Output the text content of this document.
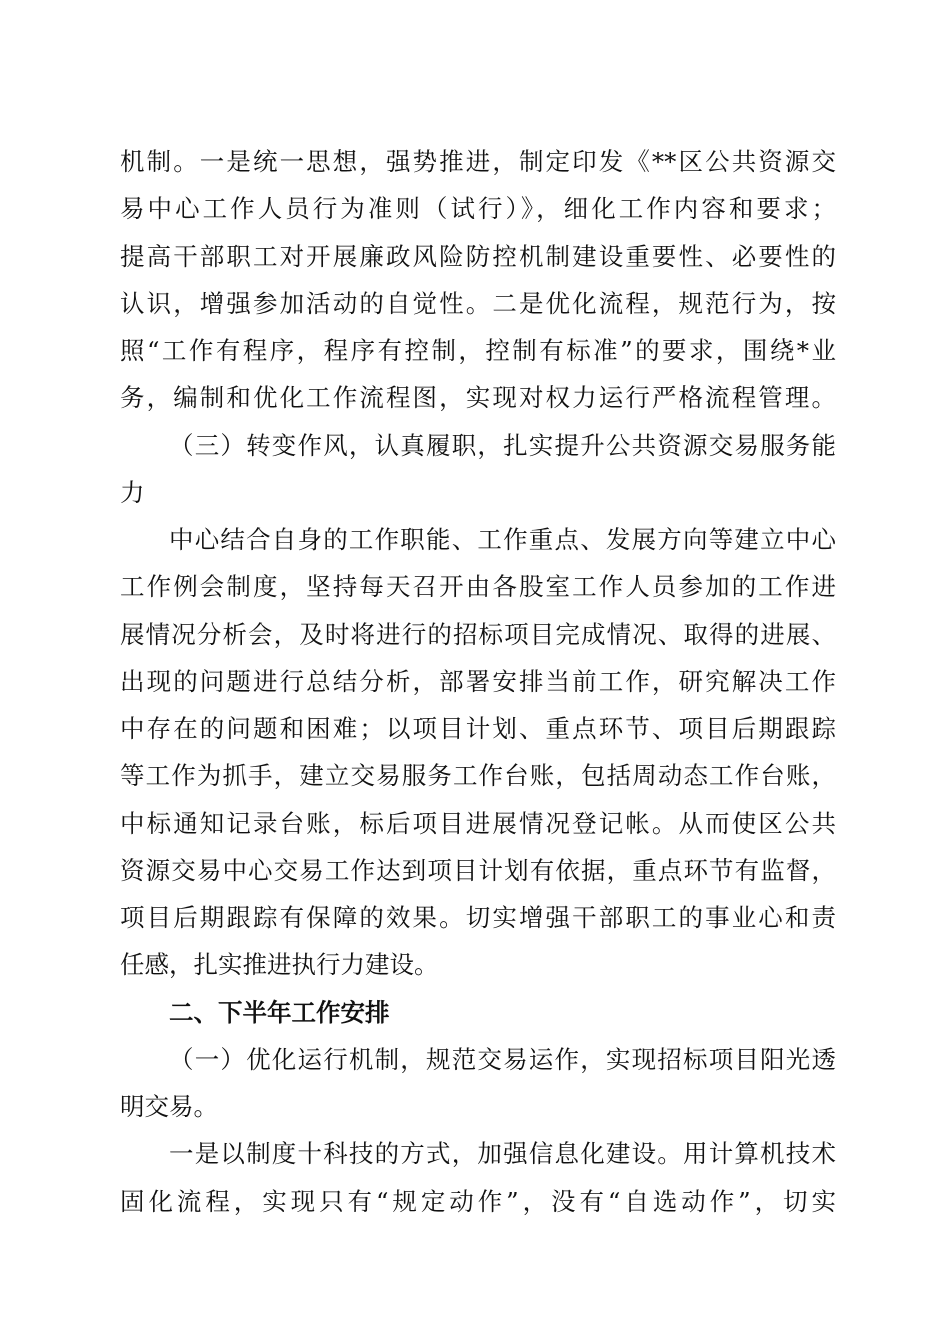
机制。一是统一思想，强势推进，制定印发《**区公共资源交
易中心工作人员行为准则（试行）》，细化工作内容和要求；
提高干部职工对开展廉政风险防控机制建设重要性、必要性的
认识，增强参加活动的自觉性。二是优化流程，规范行为，按
照“工作有程序，程序有控制，控制有标准”的要求，围绕*业
务，编制和优化工作流程图，实现对权力运行严格流程管理。
（三）转变作风，认真履职，扎实提升公共资源交易服务能
力
中心结合自身的工作职能、工作重点、发展方向等建立中心
工作例会制度，坚持每天召开由各股室工作人员参加的工作进
展情况分析会，及时将进行的招标项目完成情况、取得的进展、
出现的问题进行总结分析，部署安排当前工作，研究解决工作
中存在的问题和困难；以项目计划、重点环节、项目后期跟踪
等工作为抓手，建立交易服务工作台账，包括周动态工作台账，
中标通知记录台账，标后项目进展情况登记帐。从而使区公共
资源交易中心交易工作达到项目计划有依据，重点环节有监督，
项目后期跟踪有保障的效果。切实增强干部职工的事业心和责
任感，扎实推进执行力建设。
二、下半年工作安排
（一）优化运行机制，规范交易运作，实现招标项目阳光透
明交易。
一是以制度十科技的方式，加强信息化建设。用计算机技术
固化流程，实现只有“规定动作”，没有“自选动作”，切实
